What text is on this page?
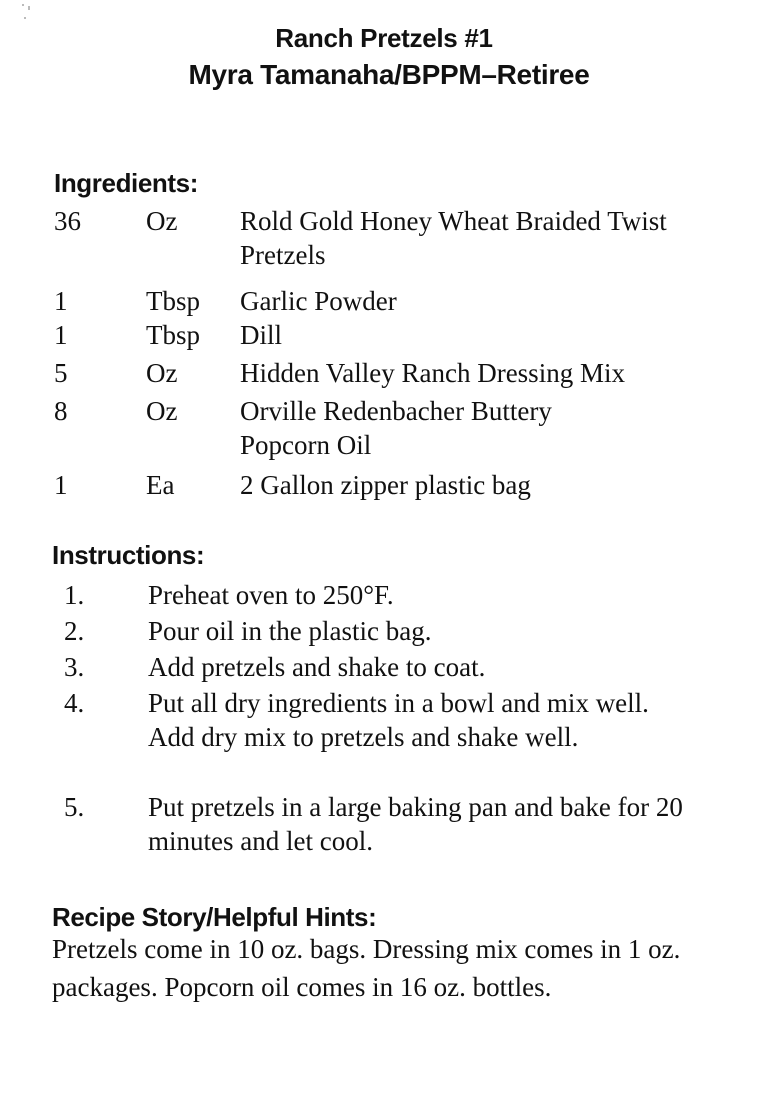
Ranch Pretzels #1
Myra Tamanaha/BPPM–Retiree
Ingredients:
36 Oz Rold Gold Honey Wheat Braided Twist Pretzels
1	Tbsp Garlic Powder
1	Tbsp Dill
5	Oz Hidden Valley Ranch Dressing Mix
8	Oz Orville Redenbacher Buttery Popcorn Oil
1	Ea 2 Gallon zipper plastic bag
Instructions:
1. Preheat oven to 250°F.
2. Pour oil in the plastic bag.
3. Add pretzels and shake to coat.
4. Put all dry ingredients in a bowl and mix well. Add dry mix to pretzels and shake well.
5. Put pretzels in a large baking pan and bake for 20 minutes and let cool.
Recipe Story/Helpful Hints:
Pretzels come in 10 oz. bags. Dressing mix comes in 1 oz. packages. Popcorn oil comes in 16 oz. bottles.
